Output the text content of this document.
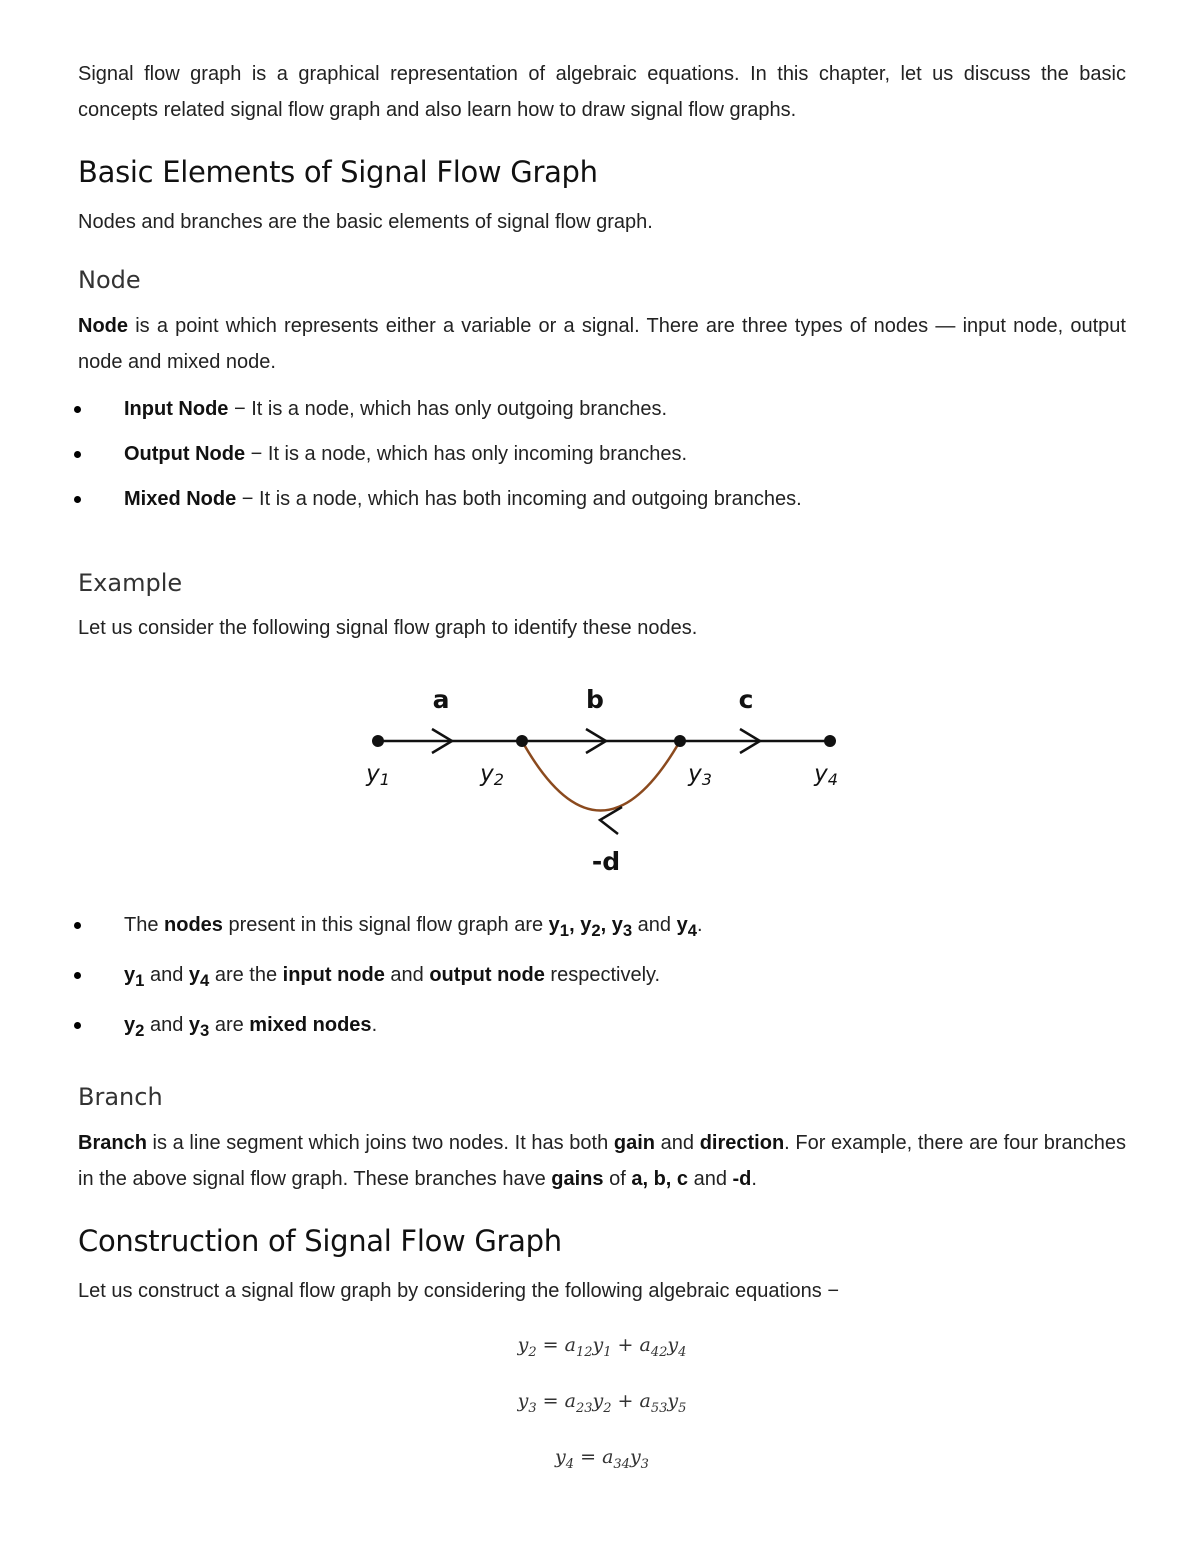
Signal flow graph is a graphical representation of algebraic equations. In this chapter, let us discuss the basic concepts related signal flow graph and also learn how to draw signal flow graphs.

Basic Elements of Signal Flow Graph

Nodes and branches are the basic elements of signal flow graph.

Node

Node is a point which represents either a variable or a signal. There are three types of nodes — input node, output node and mixed node.

Input Node − It is a node, which has only outgoing branches.
Output Node − It is a node, which has only incoming branches.
Mixed Node − It is a node, which has both incoming and outgoing branches.
Example

Let us consider the following signal flow graph to identify these nodes.

a	b	c
-d
y1	y2	y3	y4
The nodes present in this signal flow graph are $y_1$, $y_2$, $y_3$ and $y_4$.
$y_1$ and $y_4$ are the input node and output node respectively.
$y_2$ and $y_3$ are mixed nodes.
Branch

Branch is a line segment which joins two nodes. It has both gain and direction. For example, there are four branches in the above signal flow graph. These branches have gains of a, b, c and -d.

Construction of Signal Flow Graph

Let us construct a signal flow graph by considering the following algebraic equations −

$y_2 = a_{12}y_1 + a_{42}y_4$
$y_3 = a_{23}y_2 + a_{53}y_5$
$y_4 = a_{34}y_3$
